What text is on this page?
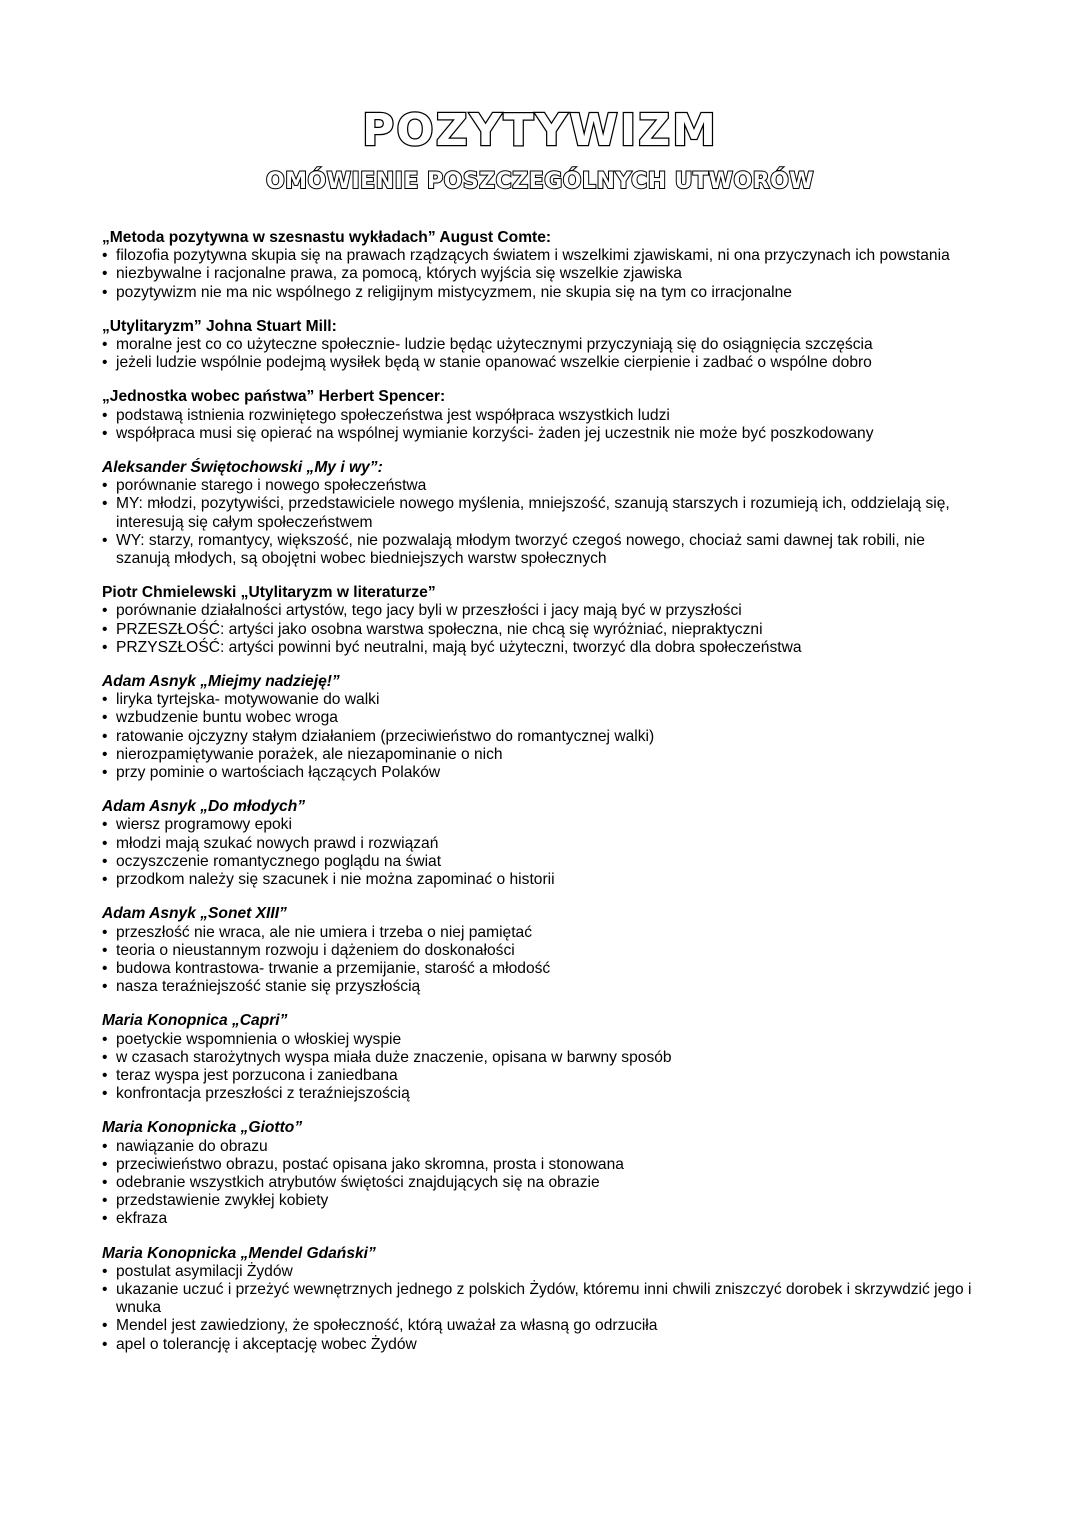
POZYTYWIZM
OMÓWIENIE POSZCZEGÓLNYCH UTWORÓW
„Metoda pozytywna w szesnastu wykładach” August Comte:
• filozofia pozytywna skupia się na prawach rządzących światem i wszelkimi zjawiskami, ni ona przyczynach ich powstania
• niezbywalne i racjonalne prawa, za pomocą, których wyjścia się wszelkie zjawiska
• pozytywizm nie ma nic wspólnego z religijnym mistycyzmem, nie skupia się na tym co irracjonalne
„Utylitaryzm” Johna Stuart Mill:
• moralne jest co co użyteczne społecznie- ludzie będąc użytecznymi przyczyniają się do osiągnięcia szczęścia
• jeżeli ludzie wspólnie podejmą wysiłek będą w stanie opanować wszelkie cierpienie i zadbać o wspólne dobro
„Jednostka wobec państwa” Herbert Spencer:
• podstawą istnienia rozwiniętego społeczeństwa jest współpraca wszystkich ludzi
• współpraca musi się opierać na wspólnej wymianie korzyści- żaden jej uczestnik nie może być poszkodowany
Aleksander Świętochowski „My i wy”:
• porównanie starego i nowego społeczeństwa
• MY: młodzi, pozytywiści, przedstawiciele nowego myślenia, mniejszość, szanują starszych i rozumieją ich, oddzielają się, interesują się całym społeczeństwem
• WY: starzy, romantycy, większość, nie pozwalają młodym tworzyć czegoś nowego, chociaż sami dawnej tak robili, nie szanują młodych, są obojętni wobec biedniejszych warstw społecznych
Piotr Chmielewski „Utylitaryzm w literaturze”
• porównanie działalności artystów, tego jacy byli w przeszłości i jacy mają być w przyszłości
• PRZESZŁOŚĆ: artyści jako osobna warstwa społeczna, nie chcą się wyróżniać, niepraktyczni
• PRZYSZŁOŚĆ: artyści powinni być neutralni, mają być użyteczni, tworzyć dla dobra społeczeństwa
Adam Asnyk „Miejmy nadzieję!”
• liryka tyrtejska- motywowanie do walki
• wzbudzenie buntu wobec wroga
• ratowanie ojczyzny stałym działaniem (przeciwieństwo do romantycznej walki)
• nierozpamiętywanie porażek, ale niezapominanie o nich
• przy pominie o wartościach łączących Polaków
Adam Asnyk „Do młodych”
• wiersz programowy epoki
• młodzi mają szukać nowych prawd i rozwiązań
• oczyszczenie romantycznego poglądu na świat
• przodkom należy się szacunek i nie można zapominać o historii
Adam Asnyk „Sonet XIII”
• przeszłość nie wraca, ale nie umiera i trzeba o niej pamiętać
• teoria o nieustannym rozwoju i dążeniem do doskonałości
• budowa kontrastowa- trwanie a przemijanie, starość a młodość
• nasza teraźniejszość stanie się przyszłością
Maria Konopnica „Capri”
• poetyckie wspomnienia o włoskiej wyspie
• w czasach starożytnych wyspa miała duże znaczenie, opisana w barwny sposób
• teraz wyspa jest porzucona i zaniedbana
• konfrontacja przeszłości z teraźniejszością
Maria Konopnicka „Giotto”
• nawiązanie do obrazu
• przeciwieństwo obrazu, postać opisana jako skromna, prosta i stonowana
• odebranie wszystkich atrybutów świętości znajdujących się na obrazie
• przedstawienie zwykłej kobiety
• ekfraza
Maria Konopnicka „Mendel Gdański”
• postulat asymilacji Żydów
• ukazanie uczuć i przeżyć wewnętrznych jednego z polskich Żydów, któremu inni chwili zniszczyć dorobek i skrzywdzić jego i wnuka
• Mendel jest zawiedziony, że społeczność, którą uważał za własną go odrzuciła
• apel o tolerancję i akceptację wobec Żydów
